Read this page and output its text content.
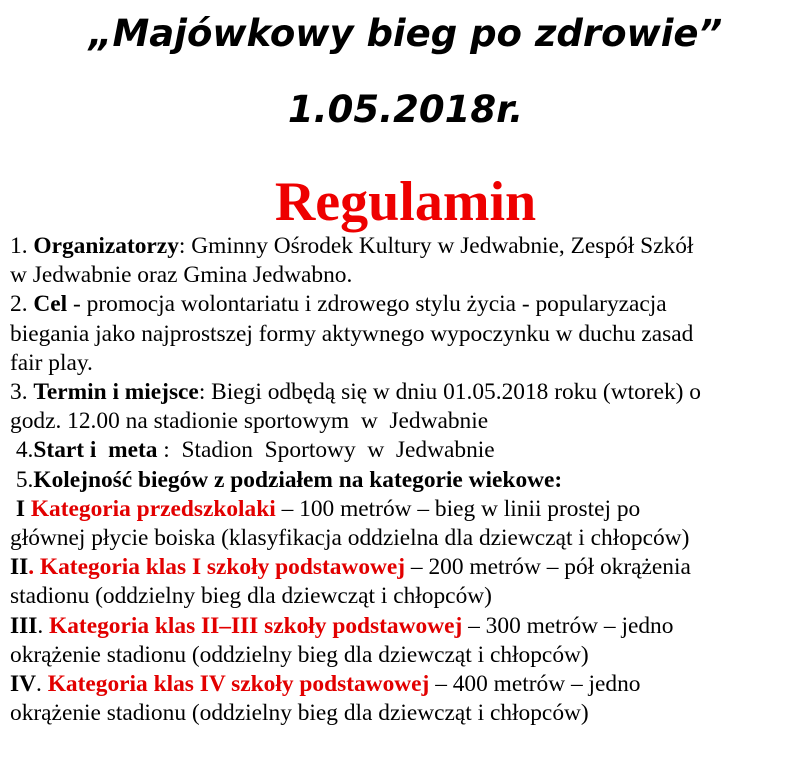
„Majówkowy bieg po zdrowie”
1.05.2018r.
Regulamin

1. Organizatorzy: Gminny Ośrodek Kultury w Jedwabnie, Zespół Szkół

w Jedwabnie oraz Gmina Jedwabno.

2. Cel - promocja wolontariatu i zdrowego stylu życia - popularyzacja

biegania jako najprostszej formy aktywnego wypoczynku w duchu zasad

fair play.

3. Termin i miejsce: Biegi odbędą się w dniu 01.05.2018 roku (wtorek) o

godz. 12.00 na stadionie sportowym  w  Jedwabnie

4.Start i  meta :  Stadion  Sportowy  w  Jedwabnie

5.Kolejność biegów z podziałem na kategorie wiekowe:

I Kategoria przedszkolaki – 100 metrów – bieg w linii prostej po

głównej płycie boiska (klasyfikacja oddzielna dla dziewcząt i chłopców)

II. Kategoria klas I szkoły podstawowej – 200 metrów – pół okrążenia

stadionu (oddzielny bieg dla dziewcząt i chłopców)

III. Kategoria klas II–III szkoły podstawowej – 300 metrów – jedno

okrążenie stadionu (oddzielny bieg dla dziewcząt i chłopców)

IV. Kategoria klas IV szkoły podstawowej – 400 metrów – jedno

okrążenie stadionu (oddzielny bieg dla dziewcząt i chłopców)
